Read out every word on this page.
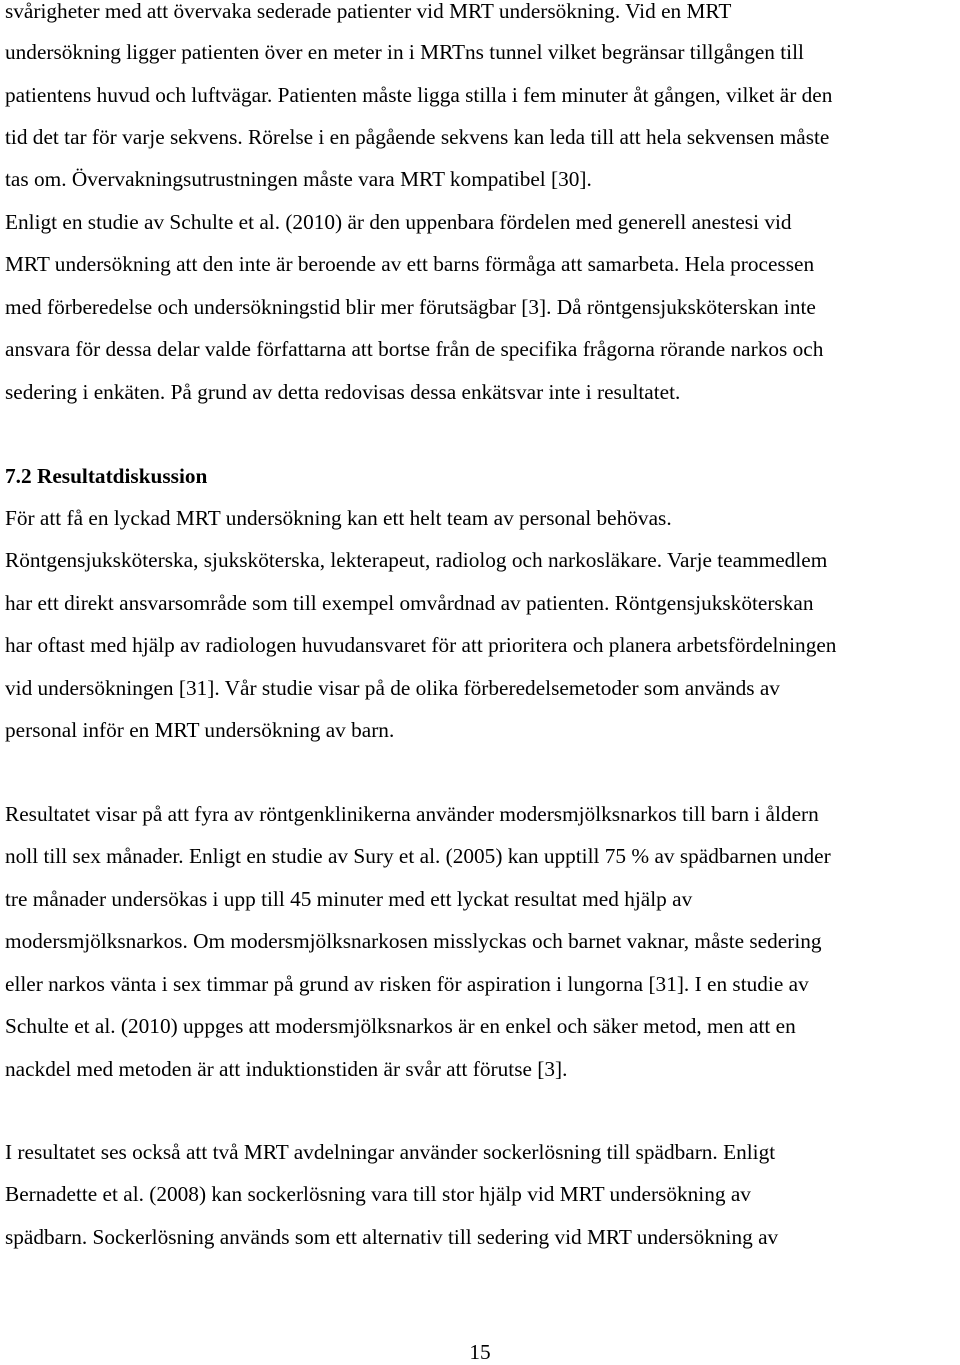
svårigheter med att övervaka sederade patienter vid MRT undersökning. Vid en MRT
undersökning ligger patienten över en meter in i MRTns tunnel vilket begränsar tillgången till
patientens huvud och luftvägar. Patienten måste ligga stilla i fem minuter åt gången, vilket är den
tid det tar för varje sekvens. Rörelse i en pågående sekvens kan leda till att hela sekvensen måste
tas om. Övervakningsutrustningen måste vara MRT kompatibel [30].
Enligt en studie av Schulte et al. (2010) är den uppenbara fördelen med generell anestesi vid
MRT undersökning att den inte är beroende av ett barns förmåga att samarbeta. Hela processen
med förberedelse och undersökningstid blir mer förutsägbar [3]. Då röntgensjuksköterskan inte
ansvara för dessa delar valde författarna att bortse från de specifika frågorna rörande narkos och
sedering i enkäten. På grund av detta redovisas dessa enkätsvar inte i resultatet.
7.2 Resultatdiskussion
För att få en lyckad MRT undersökning kan ett helt team av personal behövas.
Röntgensjuksköterska, sjuksköterska, lekterapeut, radiolog och narkosläkare. Varje teammedlem
har ett direkt ansvarsområde som till exempel omvårdnad av patienten. Röntgensjuksköterskan
har oftast med hjälp av radiologen huvudansvaret för att prioritera och planera arbetsfördelningen
vid undersökningen [31]. Vår studie visar på de olika förberedelsemetoder som används av
personal inför en MRT undersökning av barn.
Resultatet visar på att fyra av röntgenklinikerna använder modersmjölksnarkos till barn i åldern
noll till sex månader. Enligt en studie av Sury et al. (2005) kan upptill 75 % av spädbarnen under
tre månader undersökas i upp till 45 minuter med ett lyckat resultat med hjälp av
modersmjölksnarkos. Om modersmjölksnarkosen misslyckas och barnet vaknar, måste sedering
eller narkos vänta i sex timmar på grund av risken för aspiration i lungorna [31]. I en studie av
Schulte et al. (2010) uppges att modersmjölksnarkos är en enkel och säker metod, men att en
nackdel med metoden är att induktionstiden är svår att förutse [3].
I resultatet ses också att två MRT avdelningar använder sockerlösning till spädbarn. Enligt
Bernadette et al. (2008) kan sockerlösning vara till stor hjälp vid MRT undersökning av
spädbarn. Sockerlösning används som ett alternativ till sedering vid MRT undersökning av
15
